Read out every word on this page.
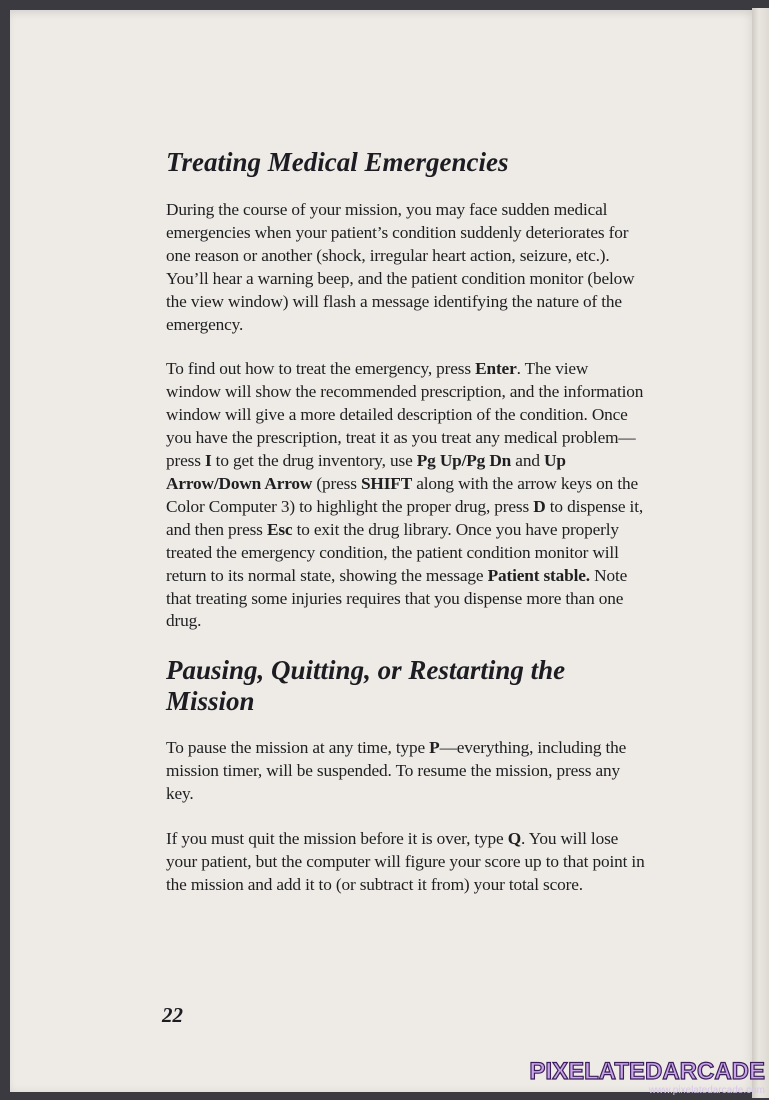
Treating Medical Emergencies

During the course of your mission, you may face sudden medical emergencies when your patient’s condition suddenly deteriorates for one reason or another (shock, irregular heart action, seizure, etc.). You’ll hear a warning beep, and the patient condition monitor (below the view window) will flash a message identifying the nature of the emergency.

To find out how to treat the emergency, press Enter. The view window will show the recommended prescription, and the information window will give a more detailed description of the condition. Once you have the prescription, treat it as you treat any medical problem—press I to get the drug inventory, use Pg Up/Pg Dn and Up Arrow/Down Arrow (press SHIFT along with the arrow keys on the Color Computer 3) to highlight the proper drug, press D to dispense it, and then press Esc to exit the drug library. Once you have properly treated the emergency condition, the patient condition monitor will return to its normal state, showing the message Patient stable. Note that treating some injuries requires that you dispense more than one drug.

Pausing, Quitting, or Restarting the Mission

To pause the mission at any time, type P—everything, including the mission timer, will be suspended. To resume the mission, press any key.

If you must quit the mission before it is over, type Q. You will lose your patient, but the computer will figure your score up to that point in the mission and add it to (or subtract it from) your total score.

22
PIXELATEDARCADE
www.pixelatedarcade.com
